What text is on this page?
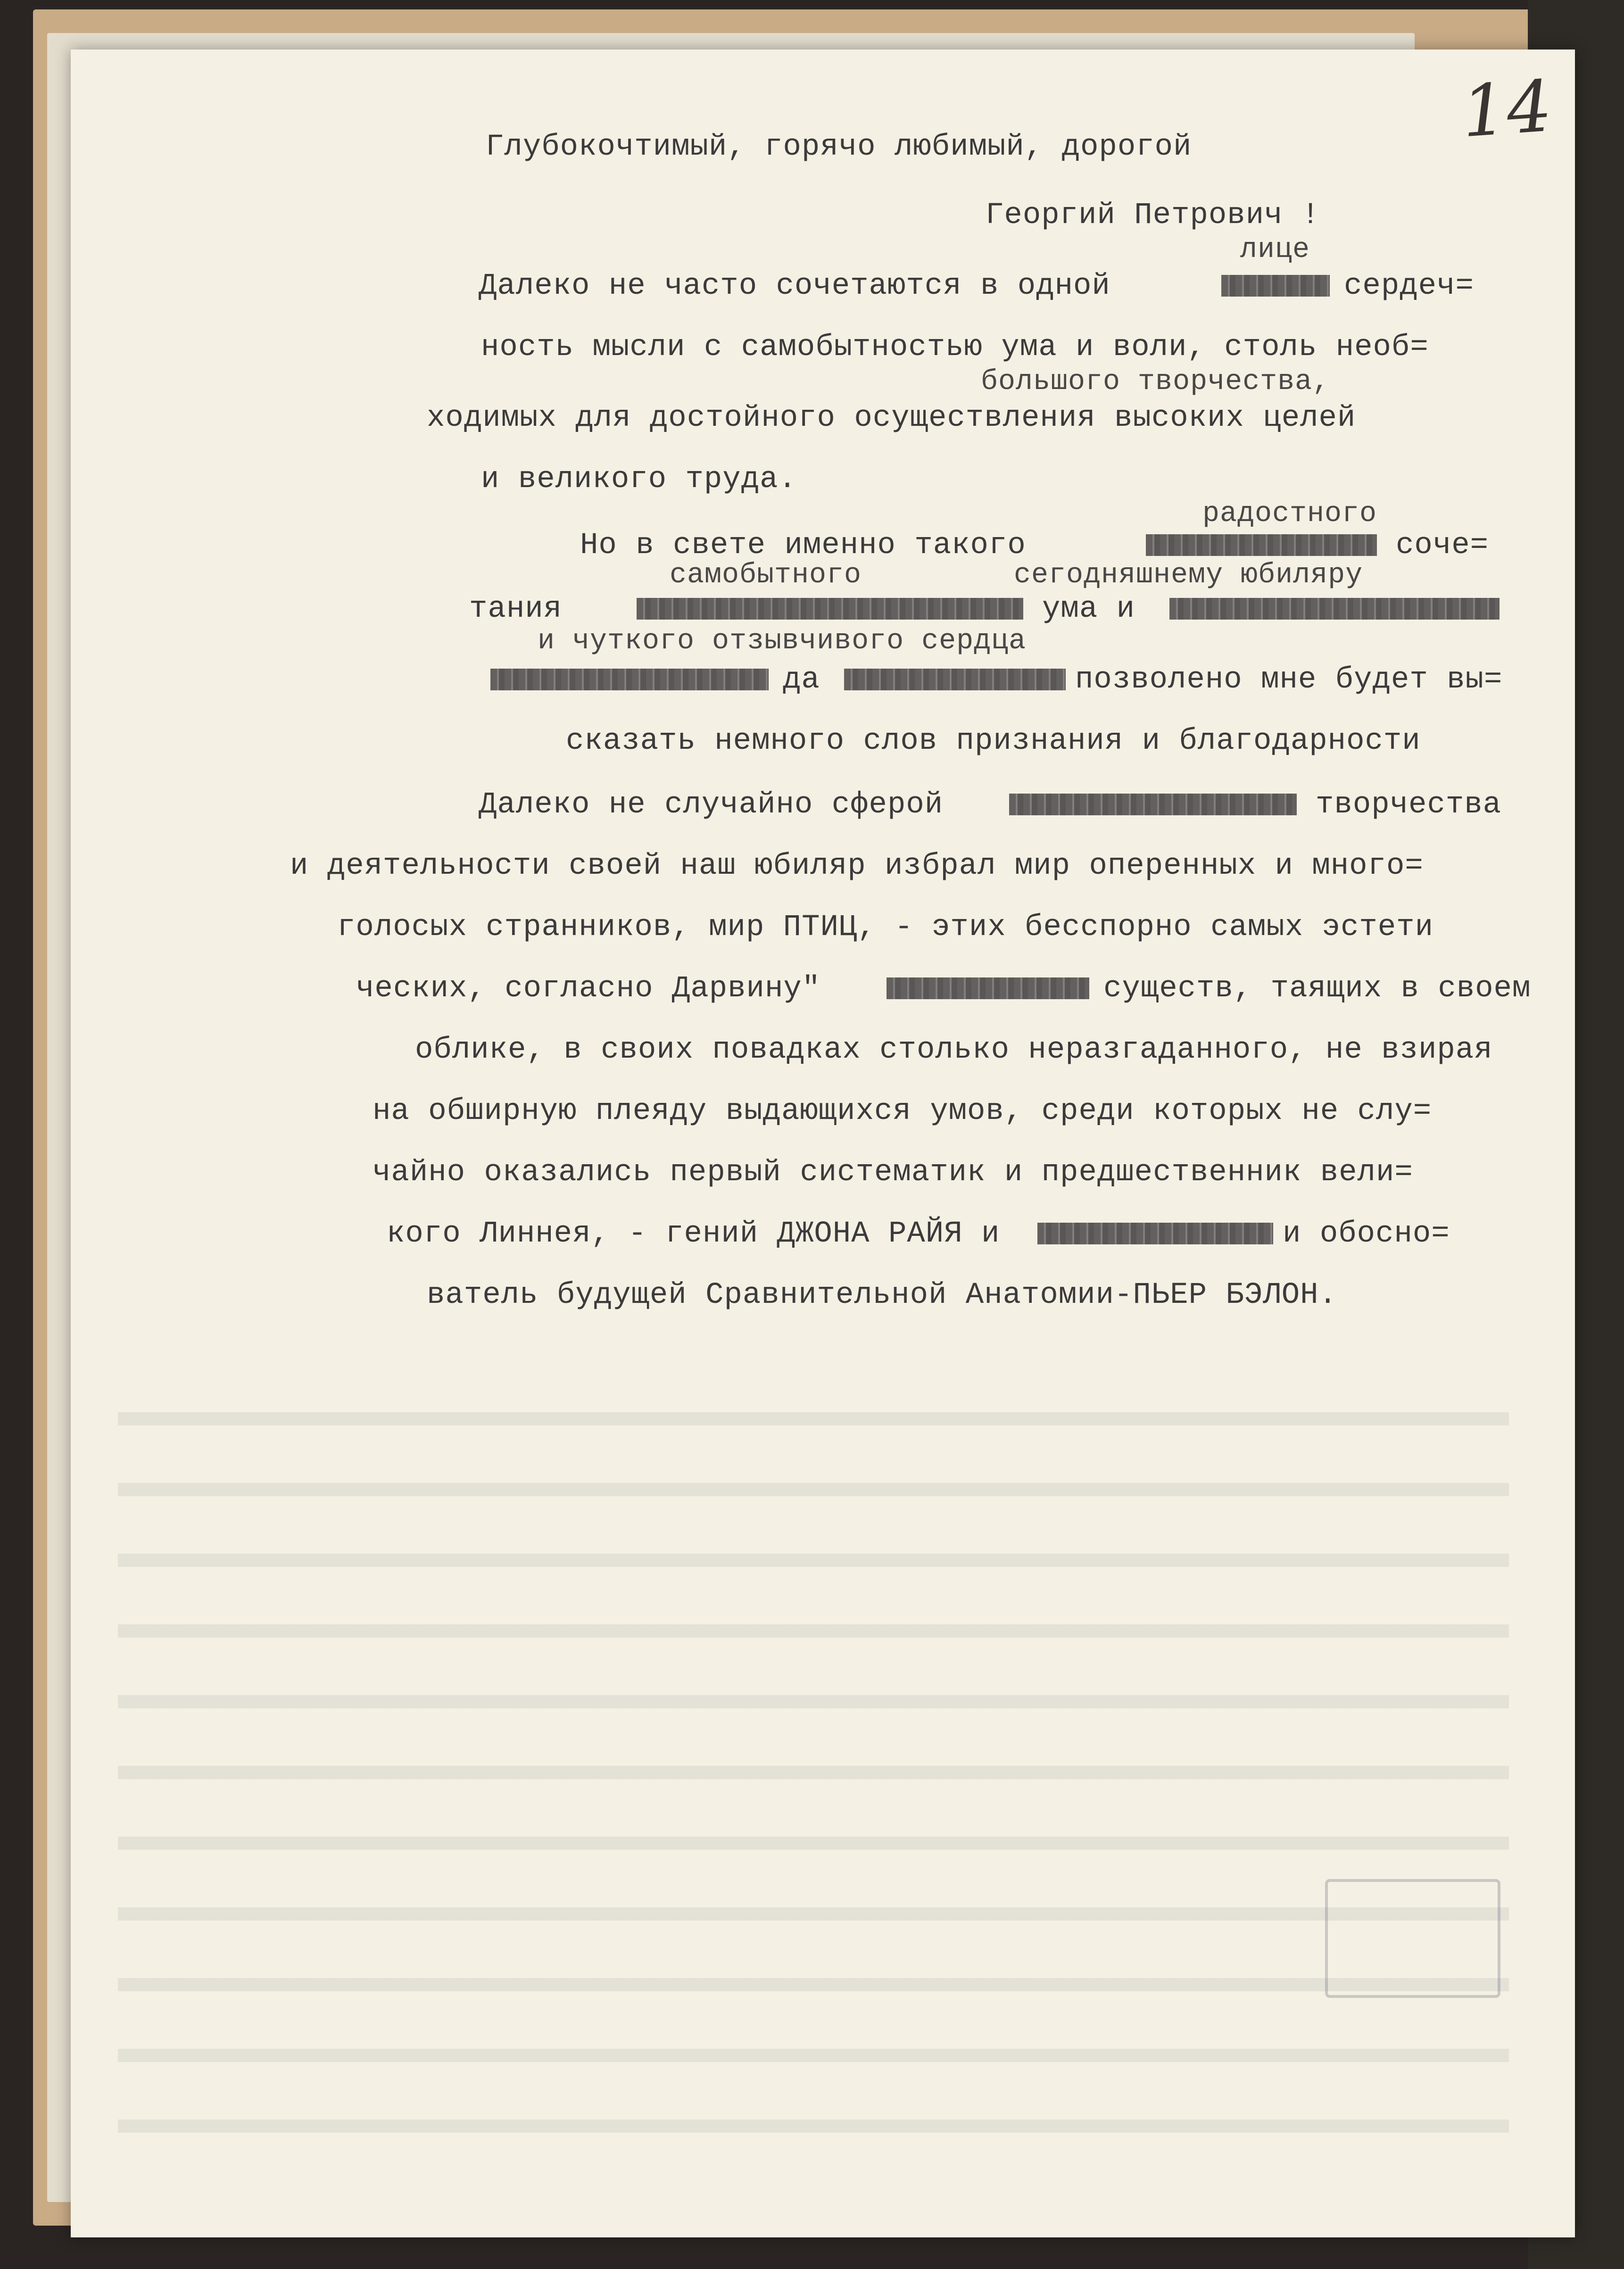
14

Глубокочтимый, горячо любимый, дорогой

Георгий Петрович !

лице

Далеко не часто сочетаются в одной	сердеч=

ность мысли с самобытностью ума и воли, столь необ=

большого творчества,

ходимых для достойного осуществления высоких целей

и великого труда.

радостного

Но в свете именно такого	соче=

самобытного	сегодняшнему юбиляру

тания	ума и

и чуткого отзывчивого сердца

да	позволено мне будет вы=

сказать немного слов признания и благодарности

Далеко не случайно сферой	творчества

и деятельности своей наш юбиляр избрал мир оперенных и много=

голосых странников, мир ПТИЦ, - этих бесспорно самых эстети

ческих, согласно Дарвину"	существ, таящих в своем

облике, в своих повадках столько неразгаданного, не взирая

на обширную плеяду выдающихся умов, среди которых не слу=

чайно оказались первый систематик и предшественник вели=

кого Линнея, - гений ДЖОНА РАЙЯ и	и обосно=

ватель будущей Сравнительной Анатомии-ПЬЕР БЭЛОН.
